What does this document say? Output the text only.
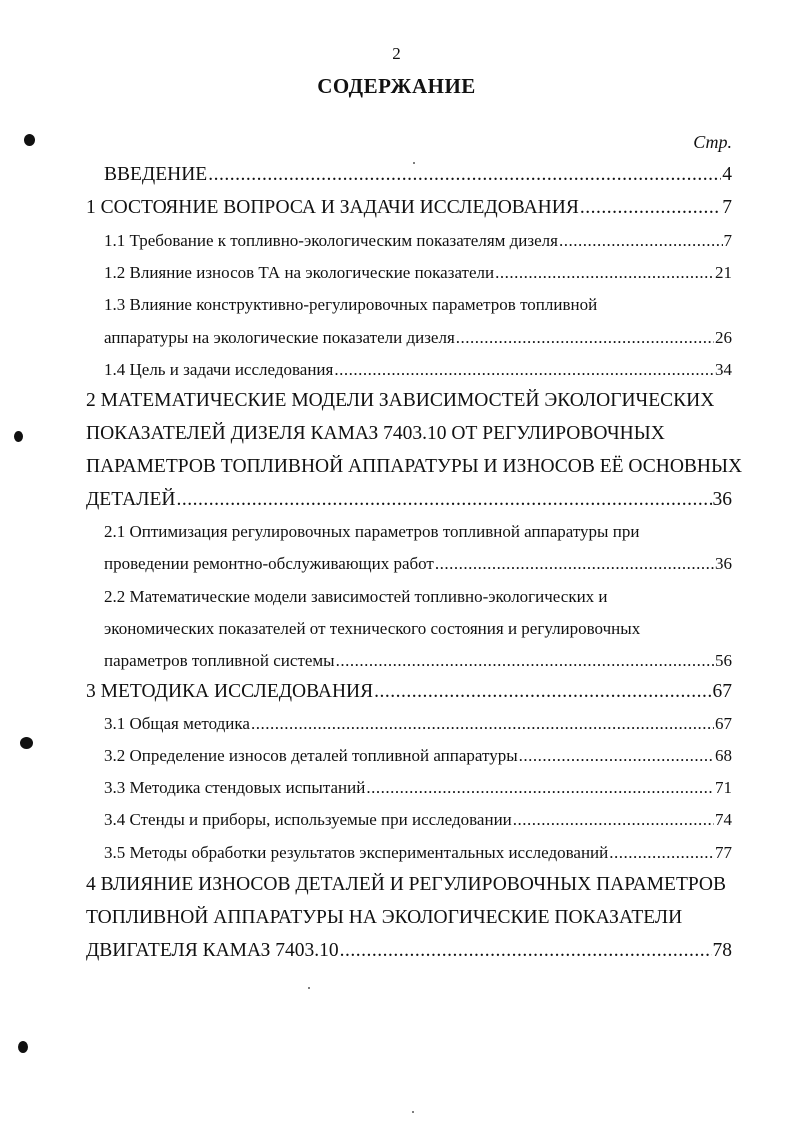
2
СОДЕРЖАНИЕ
Стр.
ВВЕДЕНИЕ .....	4
1 СОСТОЯНИЕ ВОПРОСА И ЗАДАЧИ ИССЛЕДОВАНИЯ .....	7
1.1 Требование к топливно-экологическим показателям дизеля .....	7
1.2 Влияние износов ТА на экологические показатели .....	21
1.3 Влияние конструктивно-регулировочных параметров топливной
аппаратуры на экологические показатели дизеля .....	26
1.4 Цель и задачи исследования .....	34
2 МАТЕМАТИЧЕСКИЕ МОДЕЛИ ЗАВИСИМОСТЕЙ ЭКОЛОГИЧЕСКИХ
ПОКАЗАТЕЛЕЙ ДИЗЕЛЯ КАМАЗ 7403.10 ОТ РЕГУЛИРОВОЧНЫХ
ПАРАМЕТРОВ ТОПЛИВНОЙ АППАРАТУРЫ И ИЗНОСОВ ЕЁ ОСНОВНЫХ
ДЕТАЛЕЙ .....	36
2.1 Оптимизация регулировочных параметров топливной аппаратуры при
проведении ремонтно-обслуживающих работ .....	36
2.2 Математические модели зависимостей топливно-экологических и
экономических показателей от технического состояния и регулировочных
параметров топливной системы .....	56
3 МЕТОДИКА ИССЛЕДОВАНИЯ .....	67
3.1 Общая методика .....	67
3.2 Определение износов деталей топливной аппаратуры .....	68
3.3 Методика стендовых испытаний .....	71
3.4 Стенды и приборы, используемые при исследовании .....	74
3.5 Методы обработки результатов экспериментальных исследований .....	77
4 ВЛИЯНИЕ ИЗНОСОВ ДЕТАЛЕЙ И РЕГУЛИРОВОЧНЫХ ПАРАМЕТРОВ
ТОПЛИВНОЙ АППАРАТУРЫ НА ЭКОЛОГИЧЕСКИЕ ПОКАЗАТЕЛИ
ДВИГАТЕЛЯ КАМАЗ 7403.10 .....	78
